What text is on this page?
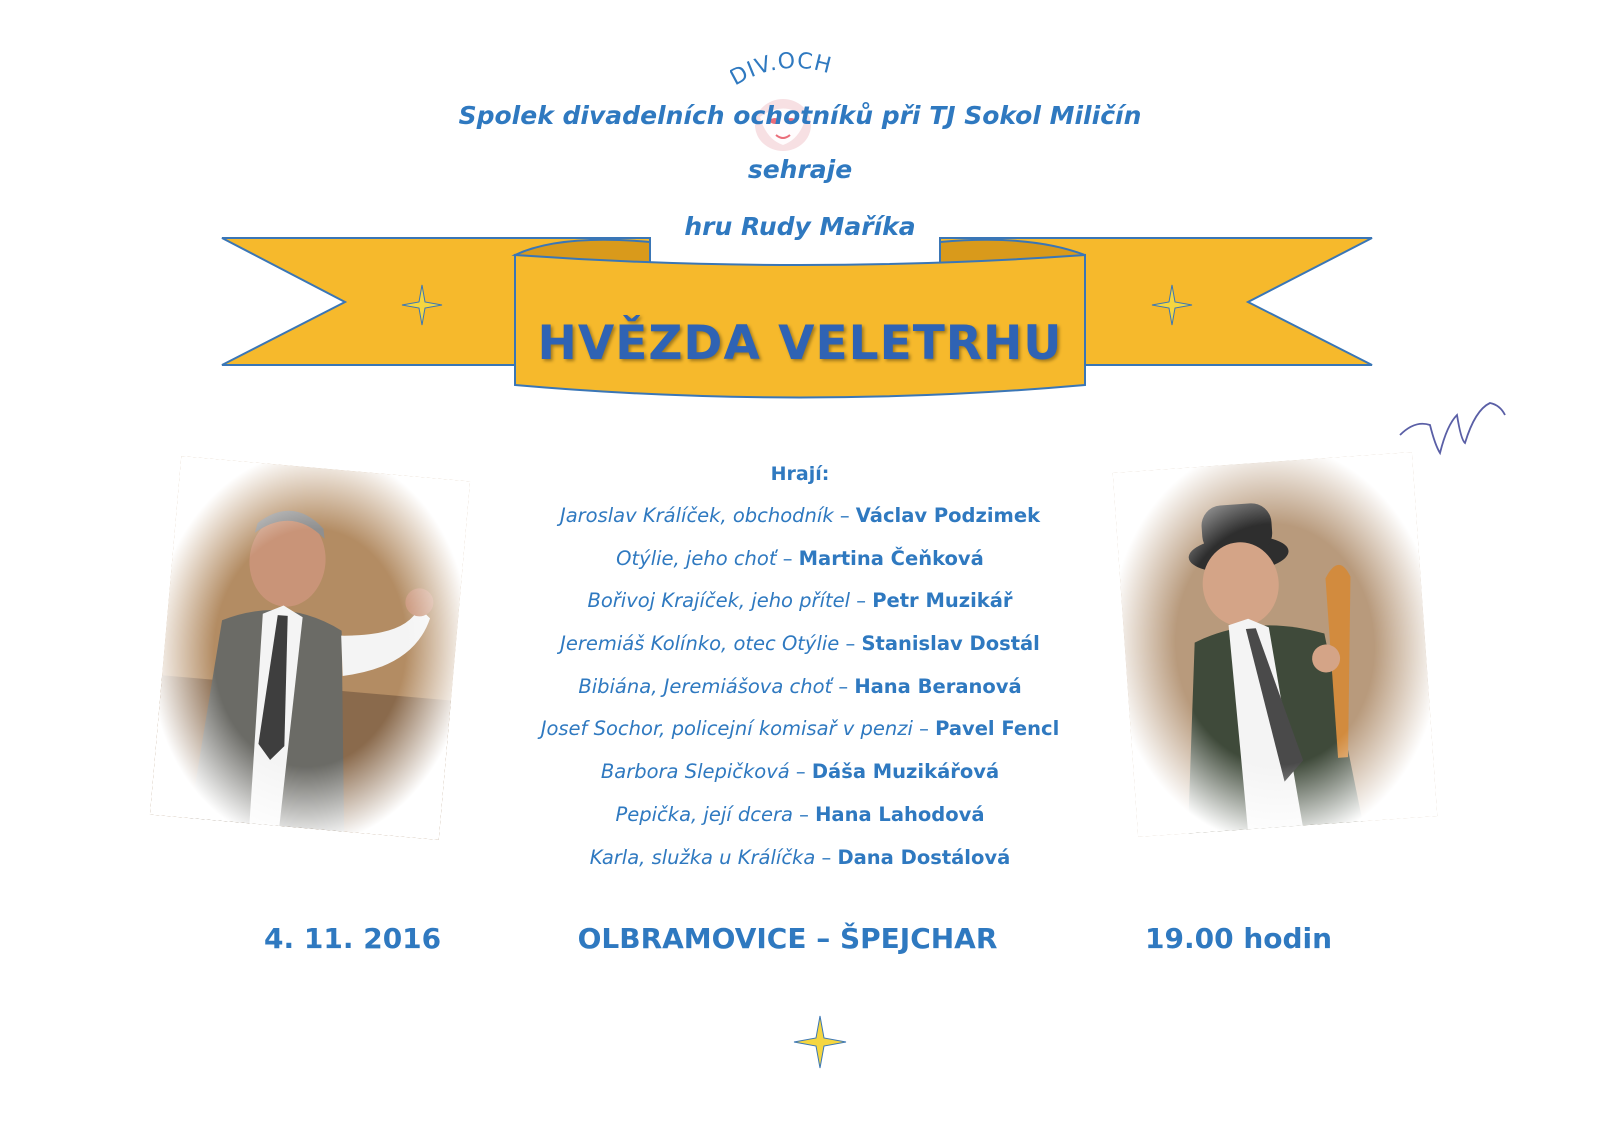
IV.OCH
Spolek divadelních ochotníků při TJ Sokol Miličín
sehraje
hru Rudy Maříka
HVĚZDA VELETRHU
Hrají:
Jaroslav Králíček, obchodník – Václav Podzimek
Otýlie, jeho choť – Martina Čeňková
Bořivoj Krajíček, jeho přítel – Petr Muzikář
Jeremiáš Kolínko, otec Otýlie – Stanislav Dostál
Bibiána, Jeremiášova choť – Hana Beranová
Josef Sochor, policejní komisař v penzi – Pavel Fencl
Barbora Slepičková – Dáša Muzikářová
Pepička, její dcera – Hana Lahodová
Karla, služka u Králíčka – Dana Dostálová
4. 11. 2016	OLBRAMOVICE – ŠPEJCHAR	19.00 hodin
